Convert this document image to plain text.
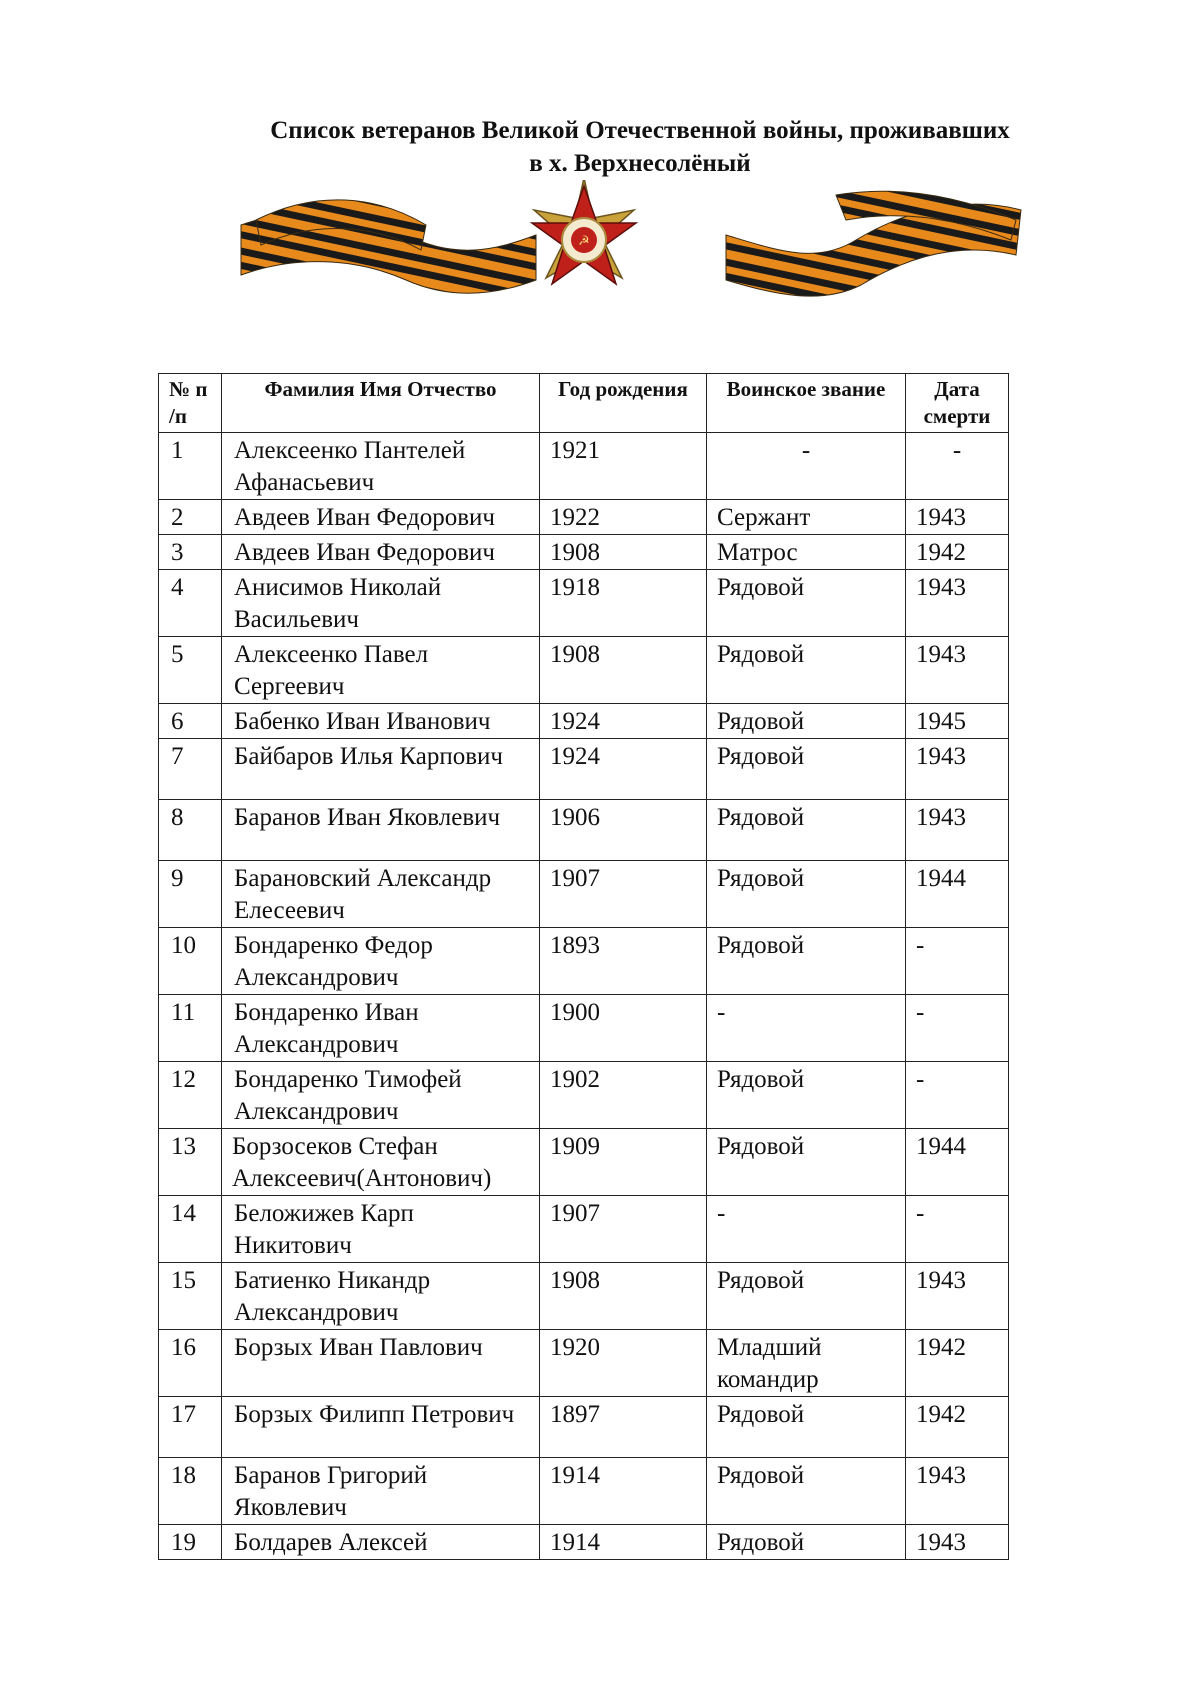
Список ветеранов Великой Отечественной войны, проживавших
в х. Верхнесолёный
☭
№ п /п	Фамилия Имя Отчество	Год рождения	Воинское звание	Дата смерти
1	Алексеенко Пантелей Афанасьевич	1921	-	-
2	Авдеев Иван Федорович	1922	Сержант	1943
3	Авдеев Иван Федорович	1908	Матрос	1942
4	Анисимов Николай Васильевич	1918	Рядовой	1943
5	Алексеенко Павел Сергеевич	1908	Рядовой	1943
6	Бабенко Иван Иванович	1924	Рядовой	1945
7	Байбаров Илья Карпович	1924	Рядовой	1943
8	Баранов Иван Яковлевич	1906	Рядовой	1943
9	Барановский Александр Елесеевич	1907	Рядовой	1944
10	Бондаренко Федор Александрович	1893	Рядовой	-
11	Бондаренко Иван Александрович	1900	-	-
12	Бондаренко Тимофей Александрович	1902	Рядовой	-
13	Борзосеков Стефан Алексеевич(Антонович)	1909	Рядовой	1944
14	Беложижев Карп Никитович	1907	-	-
15	Батиенко Никандр Александрович	1908	Рядовой	1943
16	Борзых Иван Павлович	1920	Младший командир	1942
17	Борзых Филипп Петрович	1897	Рядовой	1942
18	Баранов Григорий Яковлевич	1914	Рядовой	1943
19	Болдарев Алексей	1914	Рядовой	1943
